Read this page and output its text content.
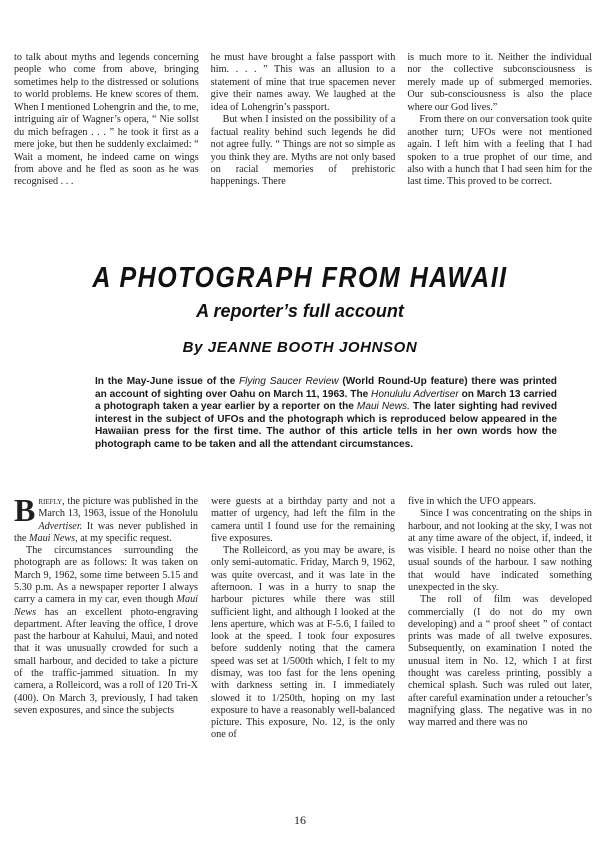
to talk about myths and legends concerning people who come from above, bringing sometimes help to the distressed or solutions to world problems. He knew scores of them. When I mentioned Lohengrin and the, to me, intriguing air of Wagner’s opera, “ Nie sollst du mich befragen . . . ” he took it first as a mere joke, but then he suddenly exclaimed: “ Wait a moment, he indeed came on wings from above and he fled as soon as he was recognised . . .

he must have brought a false passport with him. . . . ” This was an allusion to a statement of mine that true spacemen never give their names away. We laughed at the idea of Lohengrin’s passport.

But when I insisted on the possibility of a factual reality behind such legends he did not agree fully. “ Things are not so simple as you think they are. Myths are not only based on racial memories of prehistoric happenings. There

is much more to it. Neither the individual nor the collective subconsciousness is merely made up of submerged memories. Our sub-consciousness is also the place where our God lives.”

From there on our conversation took quite another turn; UFOs were not mentioned again. I left him with a feeling that I had spoken to a true prophet of our time, and also with a hunch that I had seen him for the last time. This proved to be correct.

A PHOTOGRAPH FROM HAWAII
A reporter’s full account
By JEANNE BOOTH JOHNSON
In the May-June issue of the Flying Saucer Review (World Round-Up feature) there was printed an account of sighting over Oahu on March 11, 1963. The Honululu Advertiser on March 13 carried a photograph taken a year earlier by a reporter on the Maui News. The later sighting had revived interest in the subject of UFOs and the photograph which is reproduced below appeared in the Hawaiian press for the first time. The author of this article tells in her own words how the photograph came to be taken and all the attendant circumstances.

Briefly, the picture was published in the March 13, 1963, issue of the Honolulu Advertiser. It was never published in the Maui News, at my specific request.

The circumstances surrounding the photograph are as follows: It was taken on March 9, 1962, some time between 5.15 and 5.30 p.m. As a newspaper reporter I always carry a camera in my car, even though Maui News has an excellent photo-engraving department. After leaving the office, I drove past the harbour at Kahului, Maui, and noted that it was unusually crowded for such a small harbour, and decided to take a picture of the traffic-jammed situation. In my camera, a Rolleicord, was a roll of 120 Tri-X (400). On March 3, previously, I had taken seven exposures, and since the subjects

were guests at a birthday party and not a matter of urgency, had left the film in the camera until I found use for the remaining five exposures.

The Rolleicord, as you may be aware, is only semi-automatic. Friday, March 9, 1962, was quite overcast, and it was late in the afternoon. I was in a hurry to snap the harbour pictures while there was still sufficient light, and although I looked at the lens aperture, which was at F-5.6, I failed to look at the speed. I took four exposures before suddenly noting that the camera speed was set at 1/500th which, I felt to my dismay, was too fast for the lens opening with darkness setting in. I immediately slowed it to 1/250th, hoping on my last exposure to have a reasonably well-balanced picture. This exposure, No. 12, is the only one of

five in which the UFO appears.

Since I was concentrating on the ships in harbour, and not looking at the sky, I was not at any time aware of the object, if, indeed, it was visible. I heard no noise other than the usual sounds of the harbour. I saw nothing that would have indicated something unexpected in the sky.

The roll of film was developed commercially (I do not do my own developing) and a “ proof sheet ” of contact prints was made of all twelve exposures. Subsequently, on examination I noted the unusual item in No. 12, which I at first thought was careless printing, possibly a chemical splash. Such was ruled out later, after careful examination under a retoucher’s magnifying glass. The negative was in no way marred and there was no

16
